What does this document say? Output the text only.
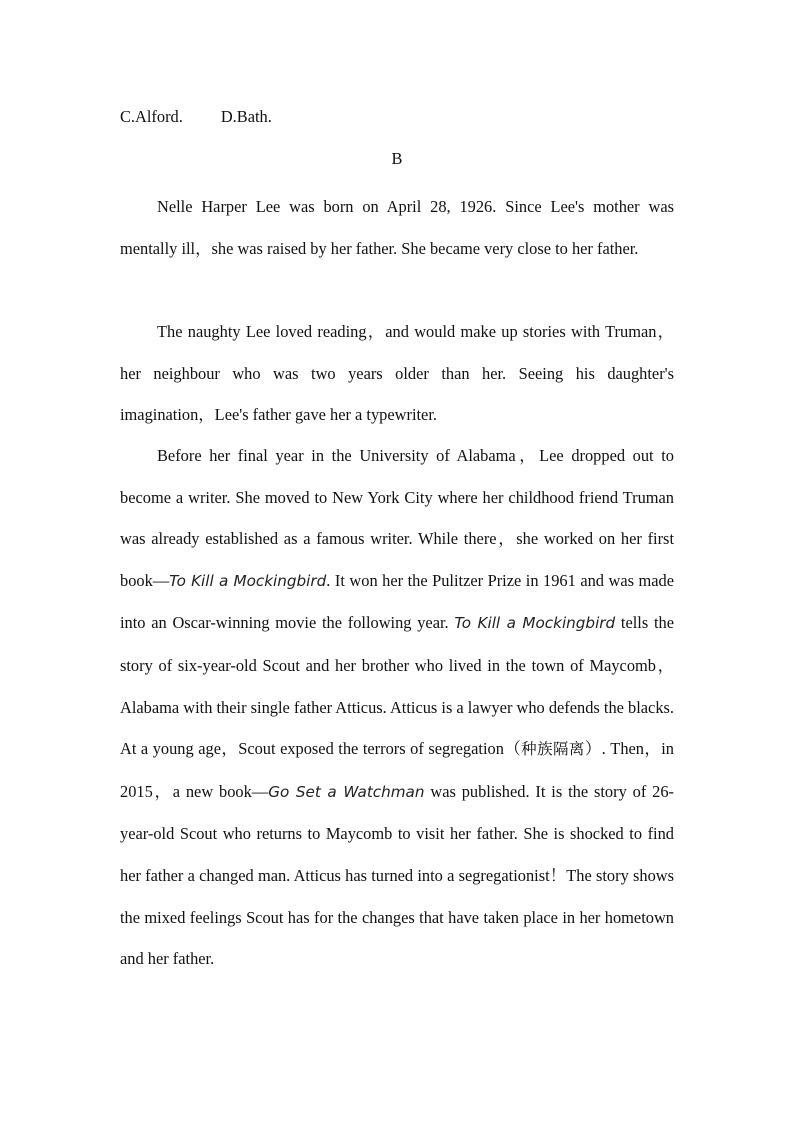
C.Alford. D.Bath.
B

Nelle Harper Lee was born on April 28, 1926. Since Lee's mother was mentally ill，she was raised by her father. She became very close to her father.

The naughty Lee loved reading，and would make up stories with Truman，her neighbour who was two years older than her. Seeing his daughter's imagination，Lee's father gave her a typewriter.

Before her final year in the University of Alabama，Lee dropped out to become a writer. She moved to New York City where her childhood friend Truman was already established as a famous writer. While there，she worked on her first book—To Kill a Mockingbird. It won her the Pulitzer Prize in 1961 and was made into an Oscar-winning movie the following year. To Kill a Mockingbird tells the story of six-year-old Scout and her brother who lived in the town of Maycomb，Alabama with their single father Atticus. Atticus is a lawyer who defends the blacks. At a young age，Scout exposed the terrors of segregation（种族隔离）. Then，in 2015，a new book—Go Set a Watchman was published. It is the story of 26-year-old Scout who returns to Maycomb to visit her father. She is shocked to find her father a changed man. Atticus has turned into a segregationist！The story shows the mixed feelings Scout has for the changes that have taken place in her hometown and her father.
